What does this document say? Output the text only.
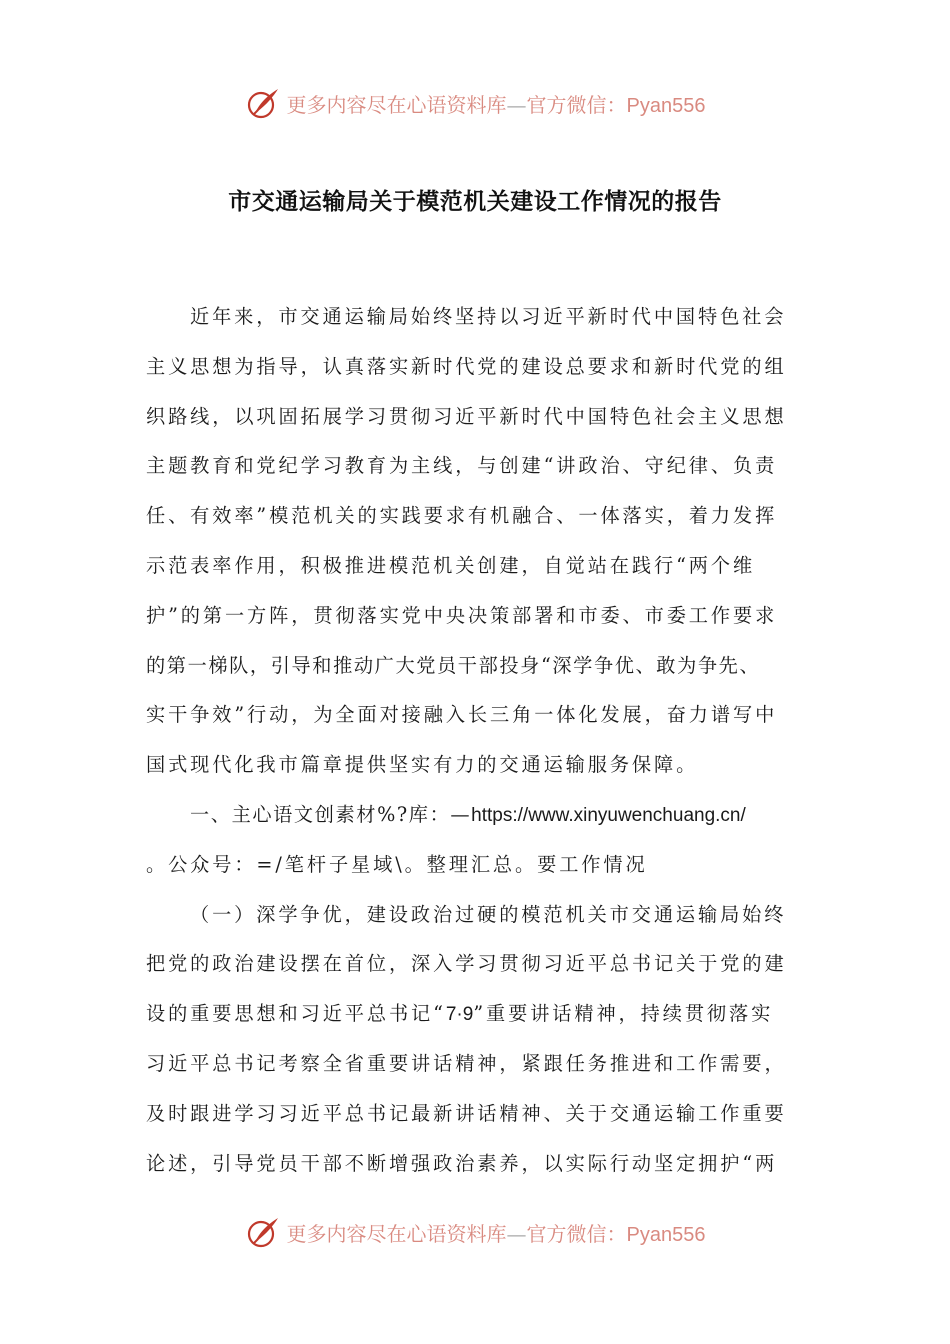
更多内容尽在心语资料库—官方微信：Pyan556
市交通运输局关于模范机关建设工作情况的报告
近年来，市交通运输局始终坚持以习近平新时代中国特色社会
主义思想为指导，认真落实新时代党的建设总要求和新时代党的组
织路线，以巩固拓展学习贯彻习近平新时代中国特色社会主义思想
主题教育和党纪学习教育为主线，与创建“讲政治、守纪律、负责
任、有效率”模范机关的实践要求有机融合、一体落实，着力发挥
示范表率作用，积极推进模范机关创建，自觉站在践行“两个维
护”的第一方阵，贯彻落实党中央决策部署和市委、市委工作要求
的第一梯队，引导和推动广大党员干部投身“深学争优、敢为争先、
实干争效”行动，为全面对接融入长三角一体化发展，奋力谱写中
国式现代化我市篇章提供坚实有力的交通运输服务保障。
一、主心语文创素材%?库：—https://www.xinyuwenchuang.cn/
。公众号：=/笔杆子星域\。整理汇总。要工作情况
（一）深学争优，建设政治过硬的模范机关市交通运输局始终
把党的政治建设摆在首位，深入学习贯彻习近平总书记关于党的建
设的重要思想和习近平总书记“7·9”重要讲话精神，持续贯彻落实
习近平总书记考察全省重要讲话精神，紧跟任务推进和工作需要，
及时跟进学习习近平总书记最新讲话精神、关于交通运输工作重要
论述，引导党员干部不断增强政治素养，以实际行动坚定拥护“两
更多内容尽在心语资料库—官方微信：Pyan556
